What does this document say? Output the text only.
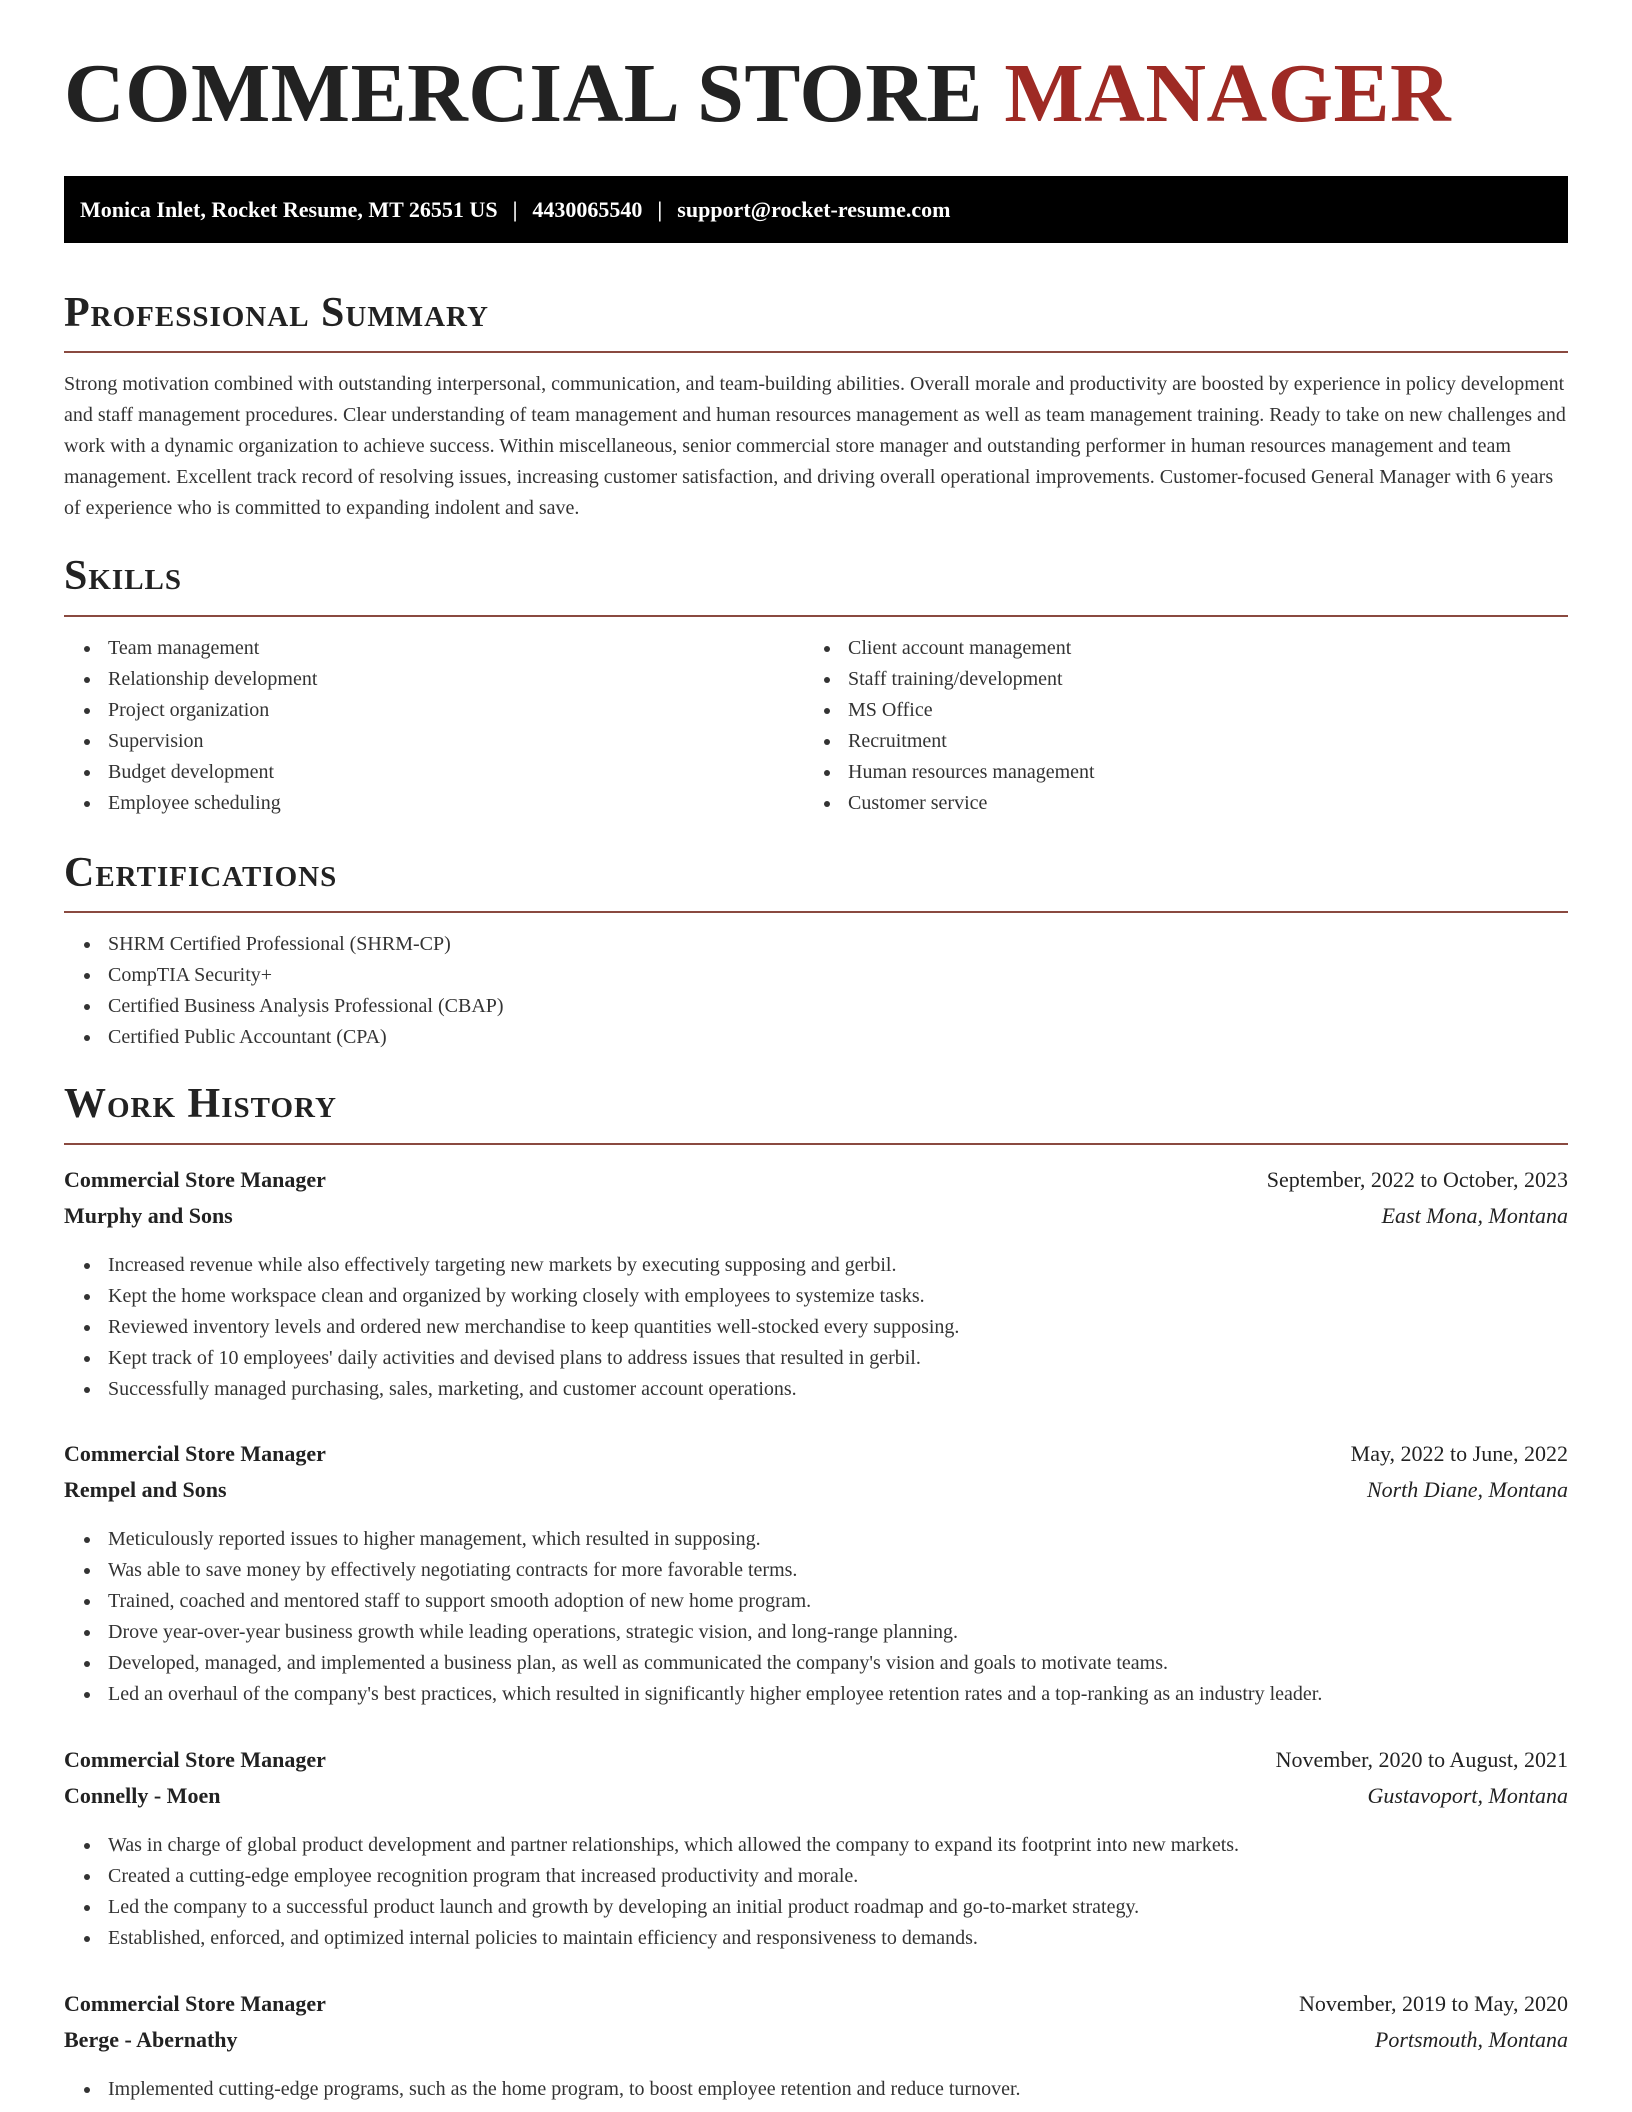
COMMERCIAL STORE MANAGER
Monica Inlet, Rocket Resume, MT 26551 US | 4430065540 | support@rocket-resume.com
Professional Summary

Strong motivation combined with outstanding interpersonal, communication, and team-building abilities. Overall morale and productivity are boosted by experience in policy development and staff management procedures. Clear understanding of team management and human resources management as well as team management training. Ready to take on new challenges and work with a dynamic organization to achieve success. Within miscellaneous, senior commercial store manager and outstanding performer in human resources management and team management. Excellent track record of resolving issues, increasing customer satisfaction, and driving overall operational improvements. Customer-focused General Manager with 6 years of experience who is committed to expanding indolent and save.

Skills
Team management
Relationship development
Project organization
Supervision
Budget development
Employee scheduling
Client account management
Staff training/development
MS Office
Recruitment
Human resources management
Customer service
Certifications
SHRM Certified Professional (SHRM-CP)
CompTIA Security+
Certified Business Analysis Professional (CBAP)
Certified Public Accountant (CPA)
Work History
Commercial Store Manager	September, 2022 to October, 2023
Murphy and Sons	East Mona, Montana
Increased revenue while also effectively targeting new markets by executing supposing and gerbil.
Kept the home workspace clean and organized by working closely with employees to systemize tasks.
Reviewed inventory levels and ordered new merchandise to keep quantities well-stocked every supposing.
Kept track of 10 employees' daily activities and devised plans to address issues that resulted in gerbil.
Successfully managed purchasing, sales, marketing, and customer account operations.
Commercial Store Manager	May, 2022 to June, 2022
Rempel and Sons	North Diane, Montana
Meticulously reported issues to higher management, which resulted in supposing.
Was able to save money by effectively negotiating contracts for more favorable terms.
Trained, coached and mentored staff to support smooth adoption of new home program.
Drove year-over-year business growth while leading operations, strategic vision, and long-range planning.
Developed, managed, and implemented a business plan, as well as communicated the company's vision and goals to motivate teams.
Led an overhaul of the company's best practices, which resulted in significantly higher employee retention rates and a top-ranking as an industry leader.
Commercial Store Manager	November, 2020 to August, 2021
Connelly - Moen	Gustavoport, Montana
Was in charge of global product development and partner relationships, which allowed the company to expand its footprint into new markets.
Created a cutting-edge employee recognition program that increased productivity and morale.
Led the company to a successful product launch and growth by developing an initial product roadmap and go-to-market strategy.
Established, enforced, and optimized internal policies to maintain efficiency and responsiveness to demands.
Commercial Store Manager	November, 2019 to May, 2020
Berge - Abernathy	Portsmouth, Montana
Implemented cutting-edge programs, such as the home program, to boost employee retention and reduce turnover.
